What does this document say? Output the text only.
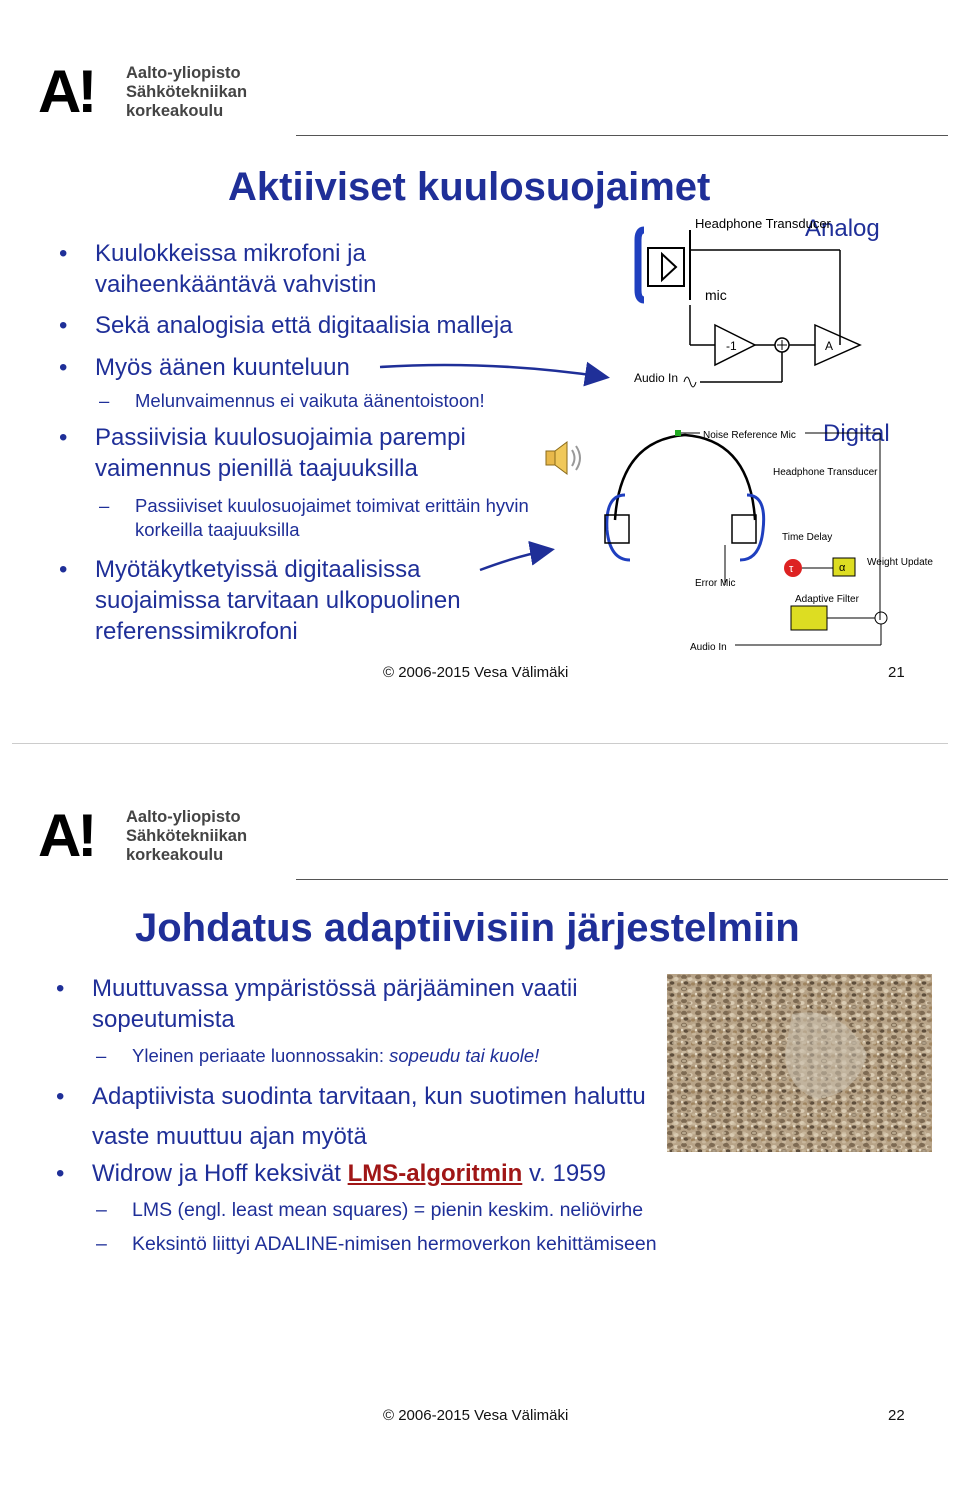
A! Aalto-yliopisto
Sähkötekniikan
korkeakoulu
Aktiiviset kuulosuojaimet
• Kuulokkeissa mikrofoni ja vaiheenkääntävä vahvistin
• Sekä analogisia että digitaalisia malleja
• Myös äänen kuunteluun
– Melunvaimennus ei vaikuta äänentoistoon!
• Passiivisia kuulosuojaimia parempi vaimennus pienillä taajuuksilla
– Passiiviset kuulosuojaimet toimivat erittäin hyvin korkeilla taajuuksilla
• Myötäkytketyissä digitaalisissa suojaimissa tarvitaan ulkopuolinen referenssimikrofoni
Analog
Digital
Headphone Transducer
mic
-1	A
Audio In
Noise Reference Mic
Headphone Transducer
Error Mic
Time Delay
τ	α Weight Update
Adaptive Filter
Audio In
© 2006-2015 Vesa Välimäki	21
A! Aalto-yliopisto
Sähkötekniikan
korkeakoulu
Johdatus adaptiivisiin järjestelmiin
• Muuttuvassa ympäristössä pärjääminen vaatii sopeutumista
– Yleinen periaate luonnossakin: sopeudu tai kuole!
• Adaptiivista suodinta tarvitaan, kun suotimen haluttu vaste muuttuu ajan myötä
• Widrow ja Hoff keksivät LMS-algoritmin v. 1959
– LMS (engl. least mean squares) = pienin keskim. neliövirhe
– Keksintö liittyi ADALINE-nimisen hermoverkon kehittämiseen
© 2006-2015 Vesa Välimäki	22
